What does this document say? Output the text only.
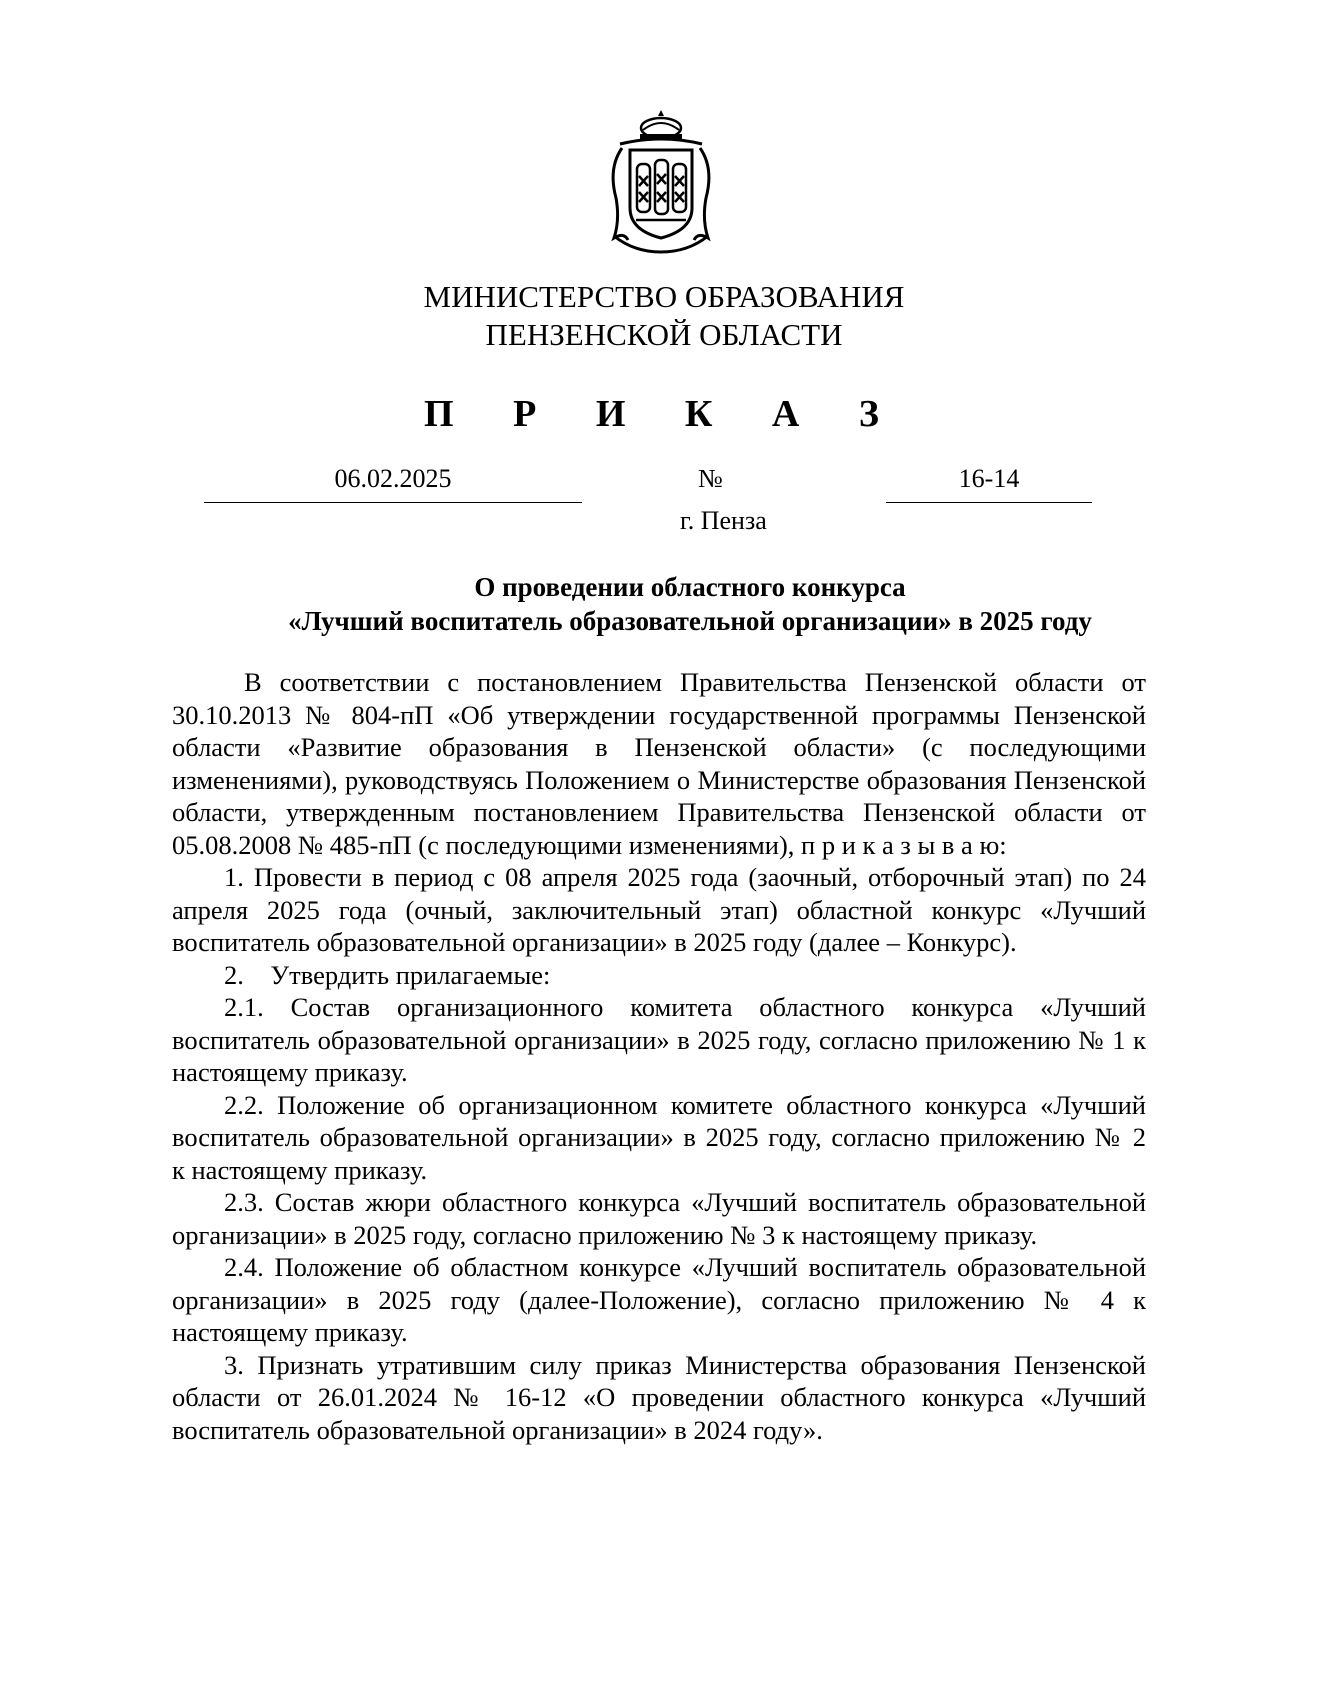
МИНИСТЕРСТВО ОБРАЗОВАНИЯ
ПЕНЗЕНСКОЙ ОБЛАСТИ
П Р И К А З
06.02.2025	№	16-14
г. Пенза
О проведении областного конкурса
«Лучший воспитатель образовательной организации» в 2025 году

В соответствии с постановлением Правительства Пензенской области от 30.10.2013 № 804-пП «Об утверждении государственной программы Пензенской области «Развитие образования в Пензенской области» (с последующими изменениями), руководствуясь Положением о Министерстве образования Пензенской области, утвержденным постановлением Правительства Пензенской области от 05.08.2008 № 485-пП (с последующими изменениями), п р и к а з ы в а ю:

1. Провести в период с 08 апреля 2025 года (заочный, отборочный этап) по 24 апреля 2025 года (очный, заключительный этап) областной конкурс «Лучший воспитатель образовательной организации» в 2025 году (далее – Конкурс).

2.    Утвердить прилагаемые:

2.1. Состав организационного комитета областного конкурса «Лучший воспитатель образовательной организации» в 2025 году, согласно приложению № 1 к настоящему приказу.

2.2. Положение об организационном комитете областного конкурса «Лучший воспитатель образовательной организации» в 2025 году, согласно приложению № 2           к настоящему приказу.

2.3. Состав жюри областного конкурса «Лучший воспитатель образовательной организации» в 2025 году, согласно приложению № 3 к настоящему приказу.

2.4. Положение об областном конкурсе «Лучший воспитатель образовательной организации» в 2025 году (далее-Положение), согласно приложению № 4 к настоящему приказу.

3. Признать утратившим силу приказ Министерства образования Пензенской области от 26.01.2024 № 16-12 «О проведении областного конкурса «Лучший воспитатель образовательной организации» в 2024 году».
